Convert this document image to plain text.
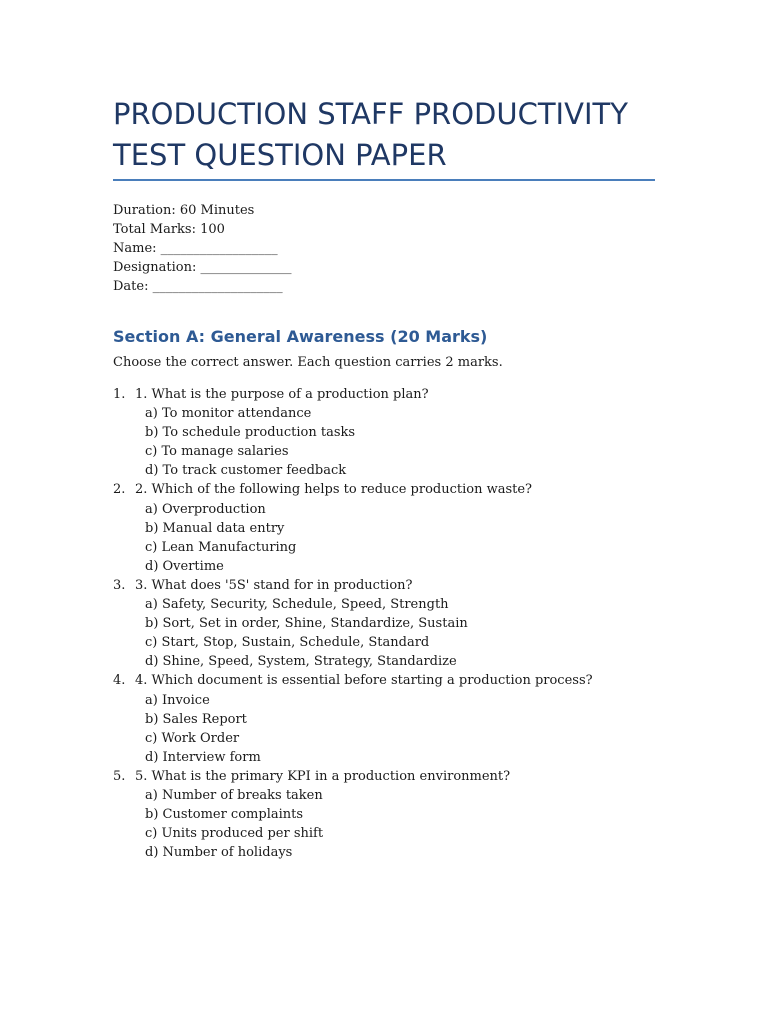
PRODUCTION STAFF PRODUCTIVITY
TEST QUESTION PAPER
Duration: 60 Minutes
Total Marks: 100
Name: __________________
Designation: ______________
Date: ____________________
Section A: General Awareness (20 Marks)
Choose the correct answer. Each question carries 2 marks.
1. 1. What is the purpose of a production plan?
a) To monitor attendance
b) To schedule production tasks
c) To manage salaries
d) To track customer feedback
2. 2. Which of the following helps to reduce production waste?
a) Overproduction
b) Manual data entry
c) Lean Manufacturing
d) Overtime
3. 3. What does '5S' stand for in production?
a) Safety, Security, Schedule, Speed, Strength
b) Sort, Set in order, Shine, Standardize, Sustain
c) Start, Stop, Sustain, Schedule, Standard
d) Shine, Speed, System, Strategy, Standardize
4. 4. Which document is essential before starting a production process?
a) Invoice
b) Sales Report
c) Work Order
d) Interview form
5. 5. What is the primary KPI in a production environment?
a) Number of breaks taken
b) Customer complaints
c) Units produced per shift
d) Number of holidays
